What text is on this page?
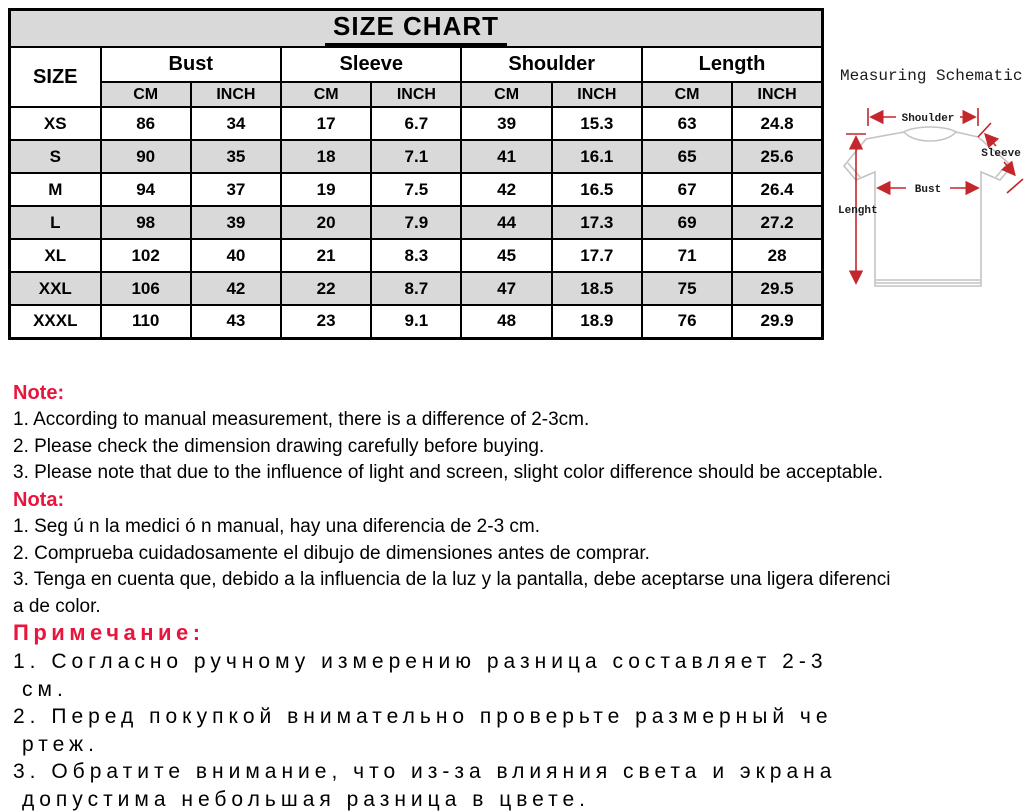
SIZE CHART								
SIZE	Bust		Sleeve		Shoulder		Length	
	CM	INCH	CM	INCH	CM	INCH	CM	INCH
XS	86	34	17	6.7	39	15.3	63	24.8
S	90	35	18	7.1	41	16.1	65	25.6
M	94	37	19	7.5	42	16.5	67	26.4
L	98	39	20	7.9	44	17.3	69	27.2
XL	102	40	21	8.3	45	17.7	71	28
XXL	106	42	22	8.7	47	18.5	75	29.5
XXXL	110	43	23	9.1	48	18.9	76	29.9
Measuring Schematic
Shoulder
Lenght
Bust
Sleeve
Note:
1. According to manual measurement, there is a difference of 2-3cm.
2. Please check the dimension drawing carefully before buying.
3. Please note that due to the influence of light and screen, slight color difference should be acceptable.
Nota:
1. Seg ú n la medici ó n manual, hay una diferencia de 2-3 cm.
2. Comprueba cuidadosamente el dibujo de dimensiones antes de comprar.
3. Tenga en cuenta que, debido a la influencia de la luz y la pantalla, debe aceptarse una ligera diferenci
a de color.
Примечание:
1. Согласно ручному измерению разница составляет 2-3
см.
2. Перед покупкой внимательно проверьте размерный че
ртеж.
3. Обратите внимание, что из-за влияния света и экрана
допустима небольшая разница в цвете.
